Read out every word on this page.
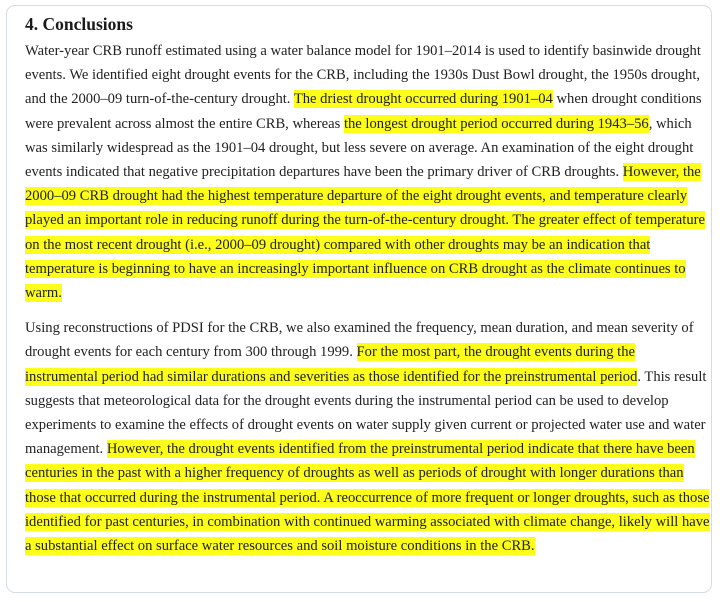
4. Conclusions

Water-year CRB runoff estimated using a water balance model for 1901–2014 is used to identify basinwide drought events. We identified eight drought events for the CRB, including the 1930s Dust Bowl drought, the 1950s drought, and the 2000–09 turn-of-the-century drought. The driest drought occurred during 1901–04 when drought conditions were prevalent across almost the entire CRB, whereas the longest drought period occurred during 1943–56, which was similarly widespread as the 1901–04 drought, but less severe on average. An examination of the eight drought events indicated that negative precipitation departures have been the primary driver of CRB droughts. However, the 2000–09 CRB drought had the highest temperature departure of the eight drought events, and temperature clearly played an important role in reducing runoff during the turn-of-the-century drought. The greater effect of temperature on the most recent drought (i.e., 2000–09 drought) compared with other droughts may be an indication that temperature is beginning to have an increasingly important influence on CRB drought as the climate continues to warm.

Using reconstructions of PDSI for the CRB, we also examined the frequency, mean duration, and mean severity of drought events for each century from 300 through 1999. For the most part, the drought events during the instrumental period had similar durations and severities as those identified for the preinstrumental period. This result suggests that meteorological data for the drought events during the instrumental period can be used to develop experiments to examine the effects of drought events on water supply given current or projected water use and water management. However, the drought events identified from the preinstrumental period indicate that there have been centuries in the past with a higher frequency of droughts as well as periods of drought with longer durations than those that occurred during the instrumental period. A reoccurrence of more frequent or longer droughts, such as those identified for past centuries, in combination with continued warming associated with climate change, likely will have a substantial effect on surface water resources and soil moisture conditions in the CRB.
